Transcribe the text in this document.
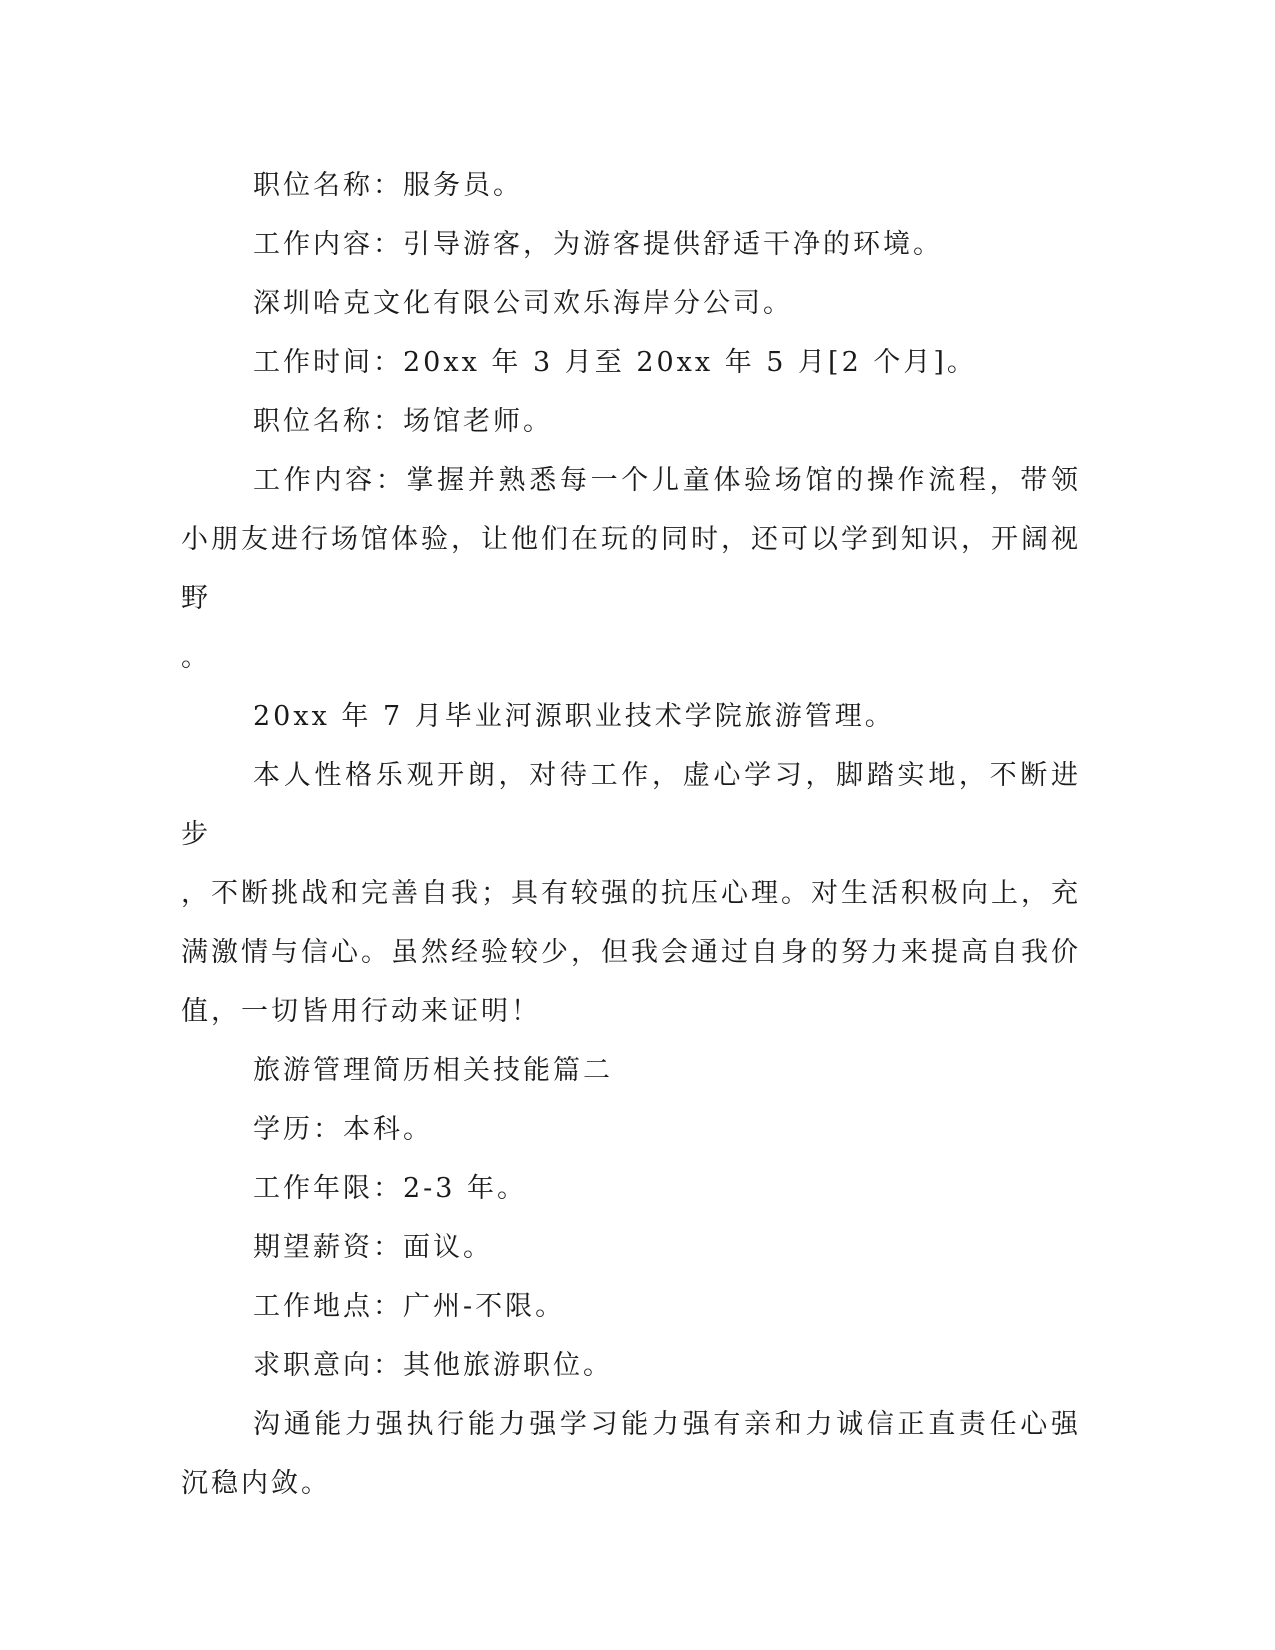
职位名称：服务员。

工作内容：引导游客，为游客提供舒适干净的环境。

深圳哈克文化有限公司欢乐海岸分公司。

工作时间：20xx 年 3 月至 20xx 年 5 月[2 个月]。

职位名称：场馆老师。

工作内容：掌握并熟悉每一个儿童体验场馆的操作流程，带领小朋友进行场馆体验，让他们在玩的同时，还可以学到知识，开阔视野

。

20xx 年 7 月毕业河源职业技术学院旅游管理。

本人性格乐观开朗，对待工作，虚心学习，脚踏实地，不断进步

，不断挑战和完善自我；具有较强的抗压心理。对生活积极向上，充满激情与信心。虽然经验较少，但我会通过自身的努力来提高自我价值，一切皆用行动来证明！

旅游管理简历相关技能篇二

学历：本科。

工作年限：2-3 年。

期望薪资：面议。

工作地点：广州-不限。

求职意向：其他旅游职位。

沟通能力强执行能力强学习能力强有亲和力诚信正直责任心强沉稳内敛。
